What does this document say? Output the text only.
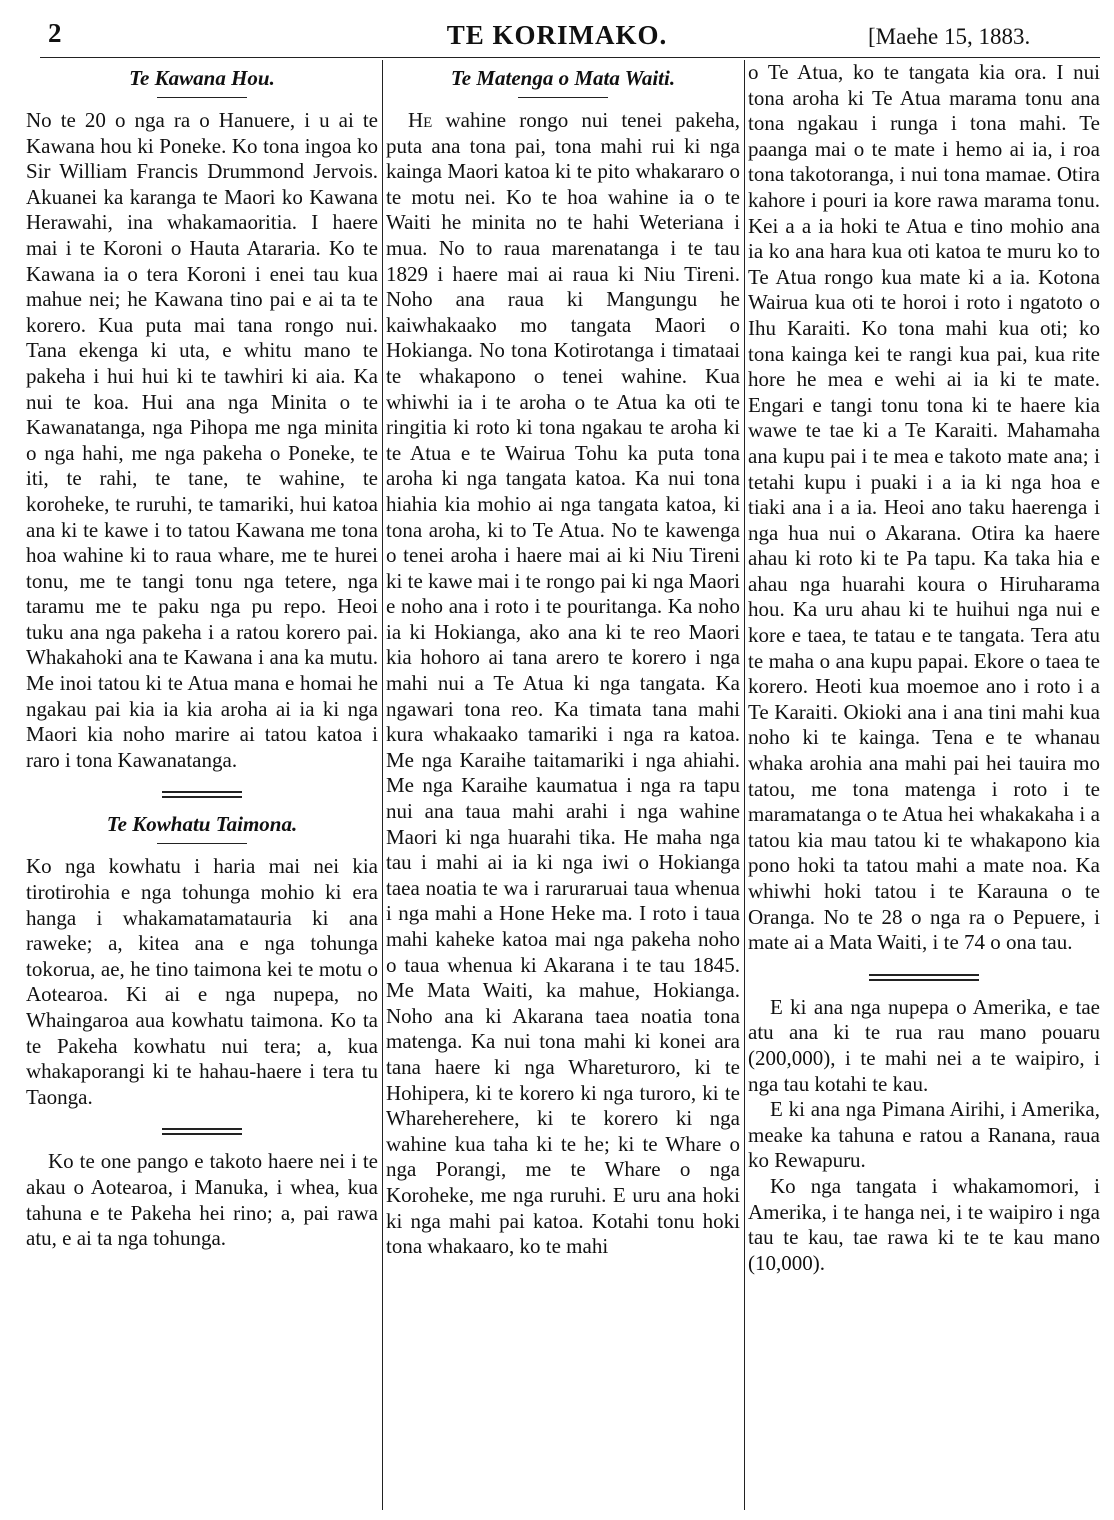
2	TE KORIMAKO.	[Maehe 15, 1883.
Te Kawana Hou.

No te 20 o nga ra o Hanuere, i u ai te Kawana hou ki Poneke. Ko tona ingoa ko Sir William Francis Drummond Jervois. Akuanei ka karanga te Maori ko Kawana Herawahi, ina whakamaoritia. I haere mai i te Koroni o Hauta Atararia. Ko te Kawana ia o tera Koroni i enei tau kua mahue nei; he Kawana tino pai e ai ta te korero. Kua puta mai tana rongo nui. Tana ekenga ki uta, e whitu mano te pakeha i hui hui ki te tawhiri ki aia. Ka nui te koa. Hui ana nga Minita o te Kawanatanga, nga Pihopa me nga minita o nga hahi, me nga pakeha o Poneke, te iti, te rahi, te tane, te wahine, te koroheke, te ruruhi, te tamariki, hui katoa ana ki te kawe i to tatou Kawana me tona hoa wahine ki to raua whare, me te hurei tonu, me te tangi tonu nga tetere, nga taramu me te paku nga pu repo. Heoi tuku ana nga pakeha i a ratou korero pai. Whakahoki ana te Kawana i ana ka mutu. Me inoi tatou ki te Atua mana e homai he ngakau pai kia ia kia aroha ai ia ki nga Maori kia noho marire ai tatou katoa i raro i tona Kawanatanga.

Te Kowhatu Taimona.

Ko nga kowhatu i haria mai nei kia tirotirohia e nga tohunga mohio ki era hanga i whakamatamatauria ki ana raweke; a, kitea ana e nga tohunga tokorua, ae, he tino taimona kei te motu o Aotearoa. Ki ai e nga nupepa, no Whaingaroa aua kowhatu taimona. Ko ta te Pakeha kowhatu nui tera; a, kua whakaporangi ki te hahau-haere i tera tu Taonga.

Ko te one pango e takoto haere nei i te akau o Aotearoa, i Manuka, i whea, kua tahuna e te Pakeha hei rino; a, pai rawa atu, e ai ta nga tohunga.

Te Matenga o Mata Waiti.

He wahine rongo nui tenei pakeha, puta ana tona pai, tona mahi rui ki nga kainga Maori katoa ki te pito whakararo o te motu nei. Ko te hoa wahine ia o te Waiti he minita no te hahi Weteriana i mua. No to raua marenatanga i te tau 1829 i haere mai ai raua ki Niu Tireni. Noho ana raua ki Mangungu he kaiwhakaako mo tangata Maori o Hokianga. No tona Kotirotanga i timataai te whakapono o tenei wahine. Kua whiwhi ia i te aroha o te Atua ka oti te ringitia ki roto ki tona ngakau te aroha ki te Atua e te Wairua Tohu ka puta tona aroha ki nga tangata katoa. Ka nui tona hiahia kia mohio ai nga tangata katoa, ki tona aroha, ki to Te Atua. No te kawenga o tenei aroha i haere mai ai ki Niu Tireni ki te kawe mai i te rongo pai ki nga Maori e noho ana i roto i te pouritanga. Ka noho ia ki Hokianga, ako ana ki te reo Maori kia hohoro ai tana arero te korero i nga mahi nui a Te Atua ki nga tangata. Ka ngawari tona reo. Ka timata tana mahi kura whakaako tamariki i nga ra katoa. Me nga Karaihe taitamariki i nga ahiahi. Me nga Karaihe kaumatua i nga ra tapu nui ana taua mahi arahi i nga wahine Maori ki nga huarahi tika. He maha nga tau i mahi ai ia ki nga iwi o Hokianga taea noatia te wa i raruraruai taua whenua i nga mahi a Hone Heke ma. I roto i taua mahi kaheke katoa mai nga pakeha noho o taua whenua ki Akarana i te tau 1845. Me Mata Waiti, ka mahue, Hokianga. Noho ana ki Akarana taea noatia tona matenga. Ka nui tona mahi ki konei ara tana haere ki nga Whareturoro, ki te Hohipera, ki te korero ki nga turoro, ki te Wharehereherе, ki te korero ki nga wahine kua taha ki te he; ki te Whare o nga Porangi, me te Whare o nga Koroheke, me nga ruruhi. E uru ana hoki ki nga mahi pai katoa. Kotahi tonu hoki tona whakaaro, ko te mahi

o Te Atua, ko te tangata kia ora. I nui tona aroha ki Te Atua marama tonu ana tona ngakau i runga i tona mahi. Te paanga mai o te mate i hemo ai ia, i roa tona takotoranga, i nui tona mamae. Otira kahore i pouri ia kore rawa marama tonu. Kei a a ia hoki te Atua e tino mohio ana ia ko ana hara kua oti katoa te muru ko to Te Atua rongo kua mate ki a ia. Kotona Wairua kua oti te horoi i roto i ngatoto o Ihu Karaiti. Ko tona mahi kua oti; ko tona kainga kei te rangi kua pai, kua rite hore he mea e wehi ai ia ki te mate. Engari e tangi tonu tona ki te haere kia wawe te tae ki a Te Karaiti. Mahamaha ana kupu pai i te mea e takoto mate ana; i tetahi kupu i puaki i a ia ki nga hoa e tiaki ana i a ia. Heoi ano taku haerenga i nga hua nui o Akarana. Otira ka haere ahau ki roto ki te Pa tapu. Ka taka hia e ahau nga huarahi koura o Hiruharama hou. Ka uru ahau ki te huihui nga nui e kore e taea, te tatau e te tangata. Tera atu te maha o ana kupu papai. Ekore o taea te korero. Heoti kua moemoe ano i roto i a Te Karaiti. Okioki ana i ana tini mahi kua noho ki te kainga. Tena e te whanau whaka arohia ana mahi pai hei tauira mo tatou, me tona matenga i roto i te maramatanga o te Atua hei whakakaha i a tatou kia mau tatou ki te whakapono kia pono hoki ta tatou mahi a mate noa. Ka whiwhi hoki tatou i te Karauna o te Oranga. No te 28 o nga ra o Pepuere, i mate ai a Mata Waiti, i te 74 o ona tau.

E ki ana nga nupepa o Amerika, e tae atu ana ki te rua rau mano pouaru (200,000), i te mahi nei a te waipiro, i nga tau kotahi te kau.

E ki ana nga Pimana Airihi, i Amerika, meake ka tahuna e ratou a Ranana, raua ko Rewapuru.

Ko nga tangata i whakamomori, i Amerika, i te hanga nei, i te waipiro i nga tau te kau, tae rawa ki te te kau mano (10,000).
